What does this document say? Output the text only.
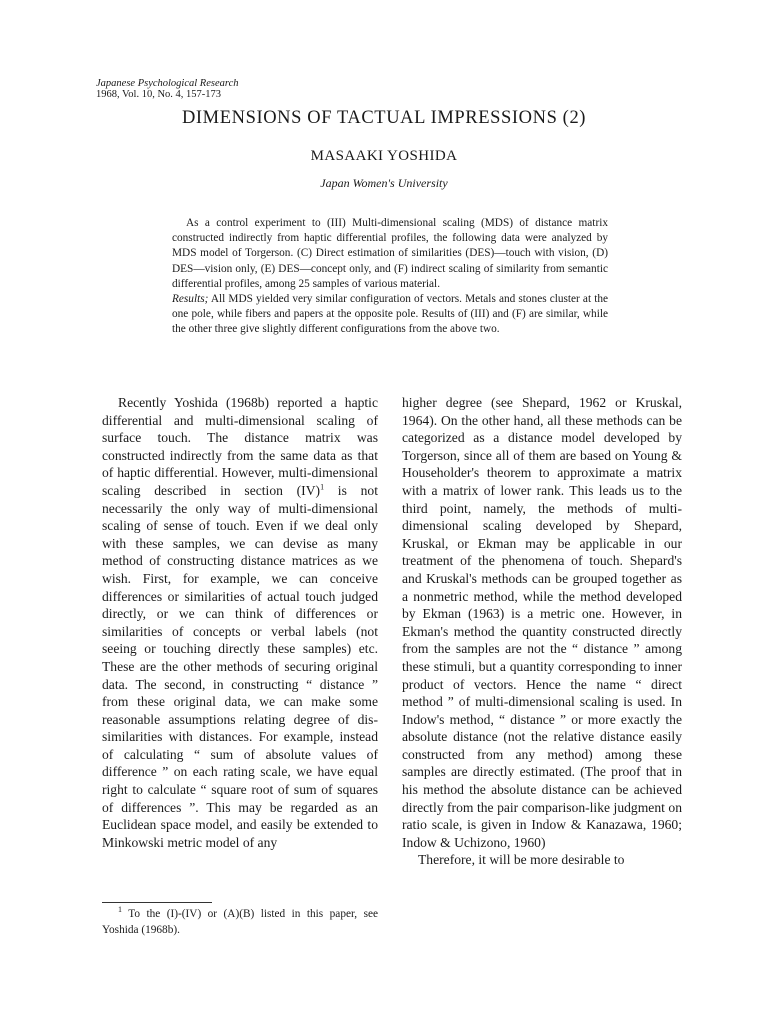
Japanese Psychological Research
1968, Vol. 10, No. 4, 157-173
DIMENSIONS OF TACTUAL IMPRESSIONS (2)
MASAAKI YOSHIDA
Japan Women's University

As a control experiment to (III) Multi-dimensional scaling (MDS) of distance matrix constructed indirectly from haptic differential profiles, the following data were analyzed by MDS model of Torgerson. (C) Direct estimation of similarities (DES)—touch with vision, (D) DES—vision only, (E) DES—concept only, and (F) indirect scaling of similarity from semantic differential profiles, among 25 samples of various material.

Results; All MDS yielded very similar configuration of vectors. Metals and stones cluster at the one pole, while fibers and papers at the opposite pole. Results of (III) and (F) are similar, while the other three give slightly different configurations from the above two.

Recently Yoshida (1968b) reported a haptic differential and multi-dimensional scaling of surface touch. The distance matrix was constructed indirectly from the same data as that of haptic differential. However, multi-dimensional scaling described in section (IV)$^1$ is not necessarily the only way of multi-dimensional scaling of sense of touch. Even if we deal only with these samples, we can devise as many method of constructing distance matrices as we wish. First, for example, we can conceive differences or similarities of actual touch judged directly, or we can think of differences or similarities of concepts or verbal labels (not seeing or touching directly these samples) etc. These are the other methods of securing original data. The second, in constructing “ distance ” from these original data, we can make some reasonable assumptions relating degree of dis-similarities with distances. For example, instead of calculating “ sum of absolute values of difference ” on each rating scale, we have equal right to calculate “ square root of sum of squares of differences ”. This may be regarded as an Euclidean space model, and easily be extended to Minkowski metric model of any

higher degree (see Shepard, 1962 or Kruskal, 1964). On the other hand, all these methods can be categorized as a distance model developed by Torgerson, since all of them are based on Young & Householder's theorem to approximate a matrix with a matrix of lower rank. This leads us to the third point, namely, the methods of multi-dimensional scaling developed by Shepard, Kruskal, or Ekman may be applicable in our treatment of the phenomena of touch. Shepard's and Kruskal's methods can be grouped together as a nonmetric method, while the method developed by Ekman (1963) is a metric one. However, in Ekman's method the quantity constructed directly from the samples are not the “ distance ” among these stimuli, but a quantity corresponding to inner product of vectors. Hence the name “ direct method ” of multi-dimensional scaling is used. In Indow's method, “ distance ” or more exactly the absolute distance (not the relative distance easily constructed from any method) among these samples are directly estimated. (The proof that in his method the absolute distance can be achieved directly from the pair comparison-like judgment on ratio scale, is given in Indow & Kanazawa, 1960; Indow & Uchizono, 1960)

Therefore, it will be more desirable to

$^1$ To the (I)-(IV) or (A)(B) listed in this paper, see Yoshida (1968b).
